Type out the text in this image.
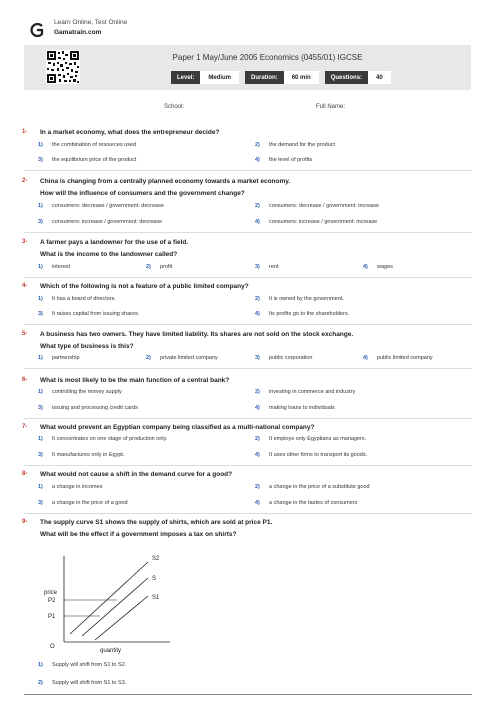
Learn Online, Test Online
Gamatrain.com
Paper 1 May/June 2005 Economics (0455/01) IGCSE
Level:	Medium	Duration:	60 min	Questions:	40
School:	Full Name:
1- In a market economy, what does the entrepreneur decide?
1) the combination of resources used	2) the demand for the product
3) the equilibrium price of the product	4) the level of profits
2- China is changing from a centrally planned economy towards a market economy.
How will the influence of consumers and the government change?
1) consumers: decrease / government: decrease	2) consumers: decrease / government: increase
3) consumers: increase / government: decrease	4) consumers: increase / government: increase
3- A farmer pays a landowner for the use of a field.
What is the income to the landowner called?
1) interest	2) profit	3) rent	4) wages
4- Which of the following is not a feature of a public limited company?
1) It has a board of directors.	2) It is owned by the government.
3) It raises capital from issuing shares.	4) Its profits go to the shareholders.
5- A business has two owners. They have limited liability. Its shares are not sold on the stock exchange.
What type of business is this?
1) partnership	2) private limited company	3) public corporation	4) public limited company
6- What is most likely to be the main function of a central bank?
1) controlling the money supply	2) investing in commerce and industry
3) issuing and processing credit cards	4) making loans to individuals
7- What would prevent an Egyptian company being classified as a multi-national company?
1) It concentrates on one stage of production only.	2) It employs only Egyptians as managers.
3) It manufactures only in Egypt.	4) It uses other firms to transport its goods.
8- What would not cause a shift in the demand curve for a good?
1) a change in incomes	2) a change in the price of a substitute good
3) a change in the price of a good	4) a change in the tastes of consumers
9- The supply curve S1 shows the supply of shirts, which are sold at price P1.
What will be the effect if a government imposes a tax on shirts?
price
quantity
O
S2
S
S1
P2
P1
1) Supply will shift from S1 to S2.
2) Supply will shift from S1 to S3.
